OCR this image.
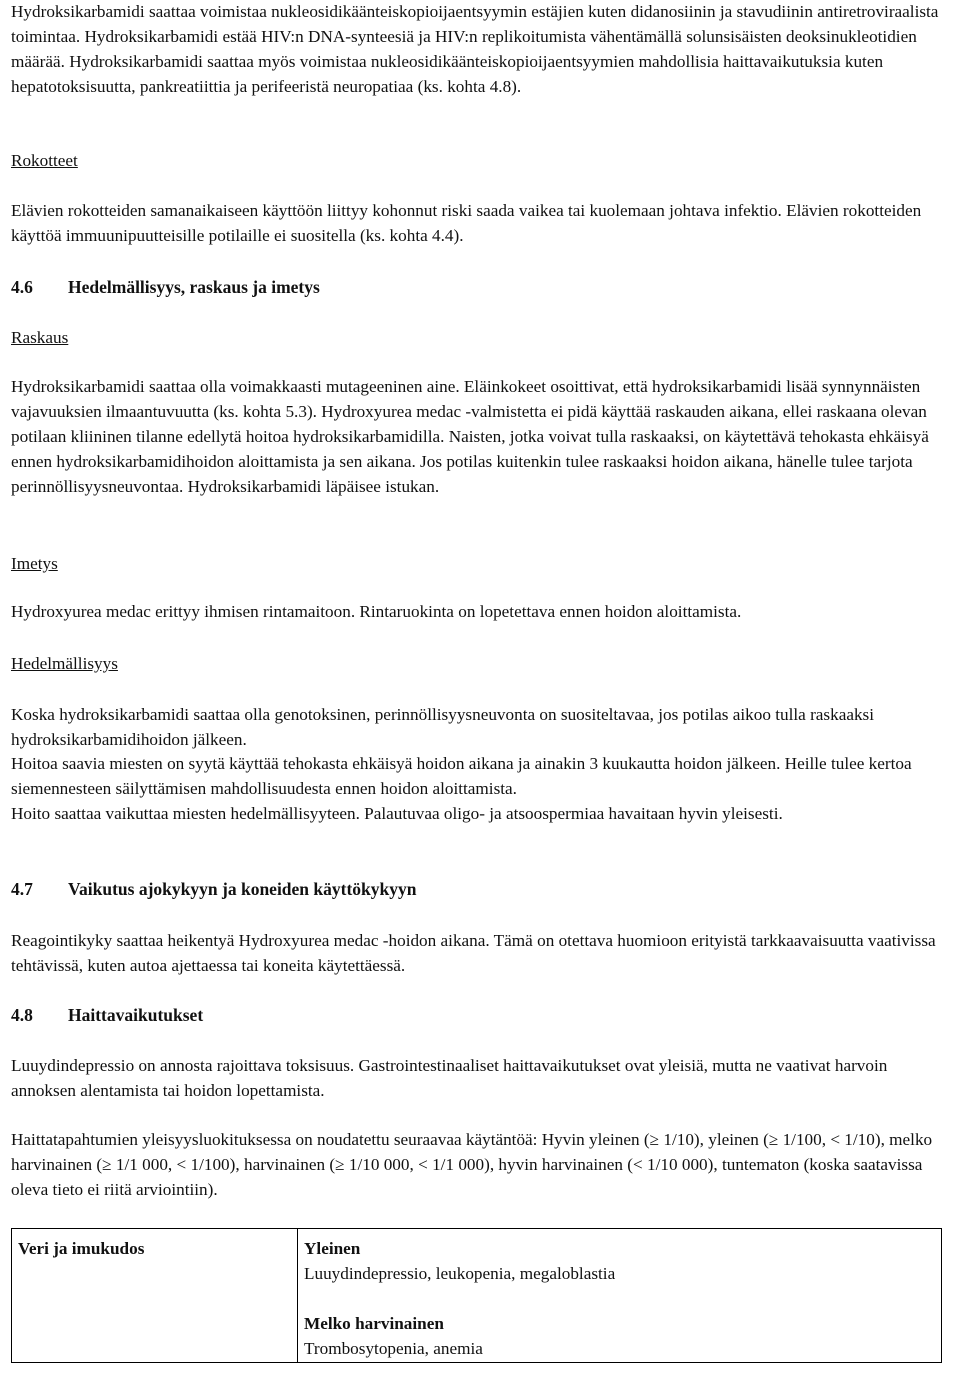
Hydroksikarbamidi saattaa voimistaa nukleosidikäänteiskopioijaentsyymin estäjien kuten didanosiinin ja stavudiinin antiretroviraalista toimintaa. Hydroksikarbamidi estää HIV:n DNA-synteesiä ja HIV:n replikoitumista vähentämällä solunsisäisten deoksinukleotidien määrää. Hydroksikarbamidi saattaa myös voimistaa nukleosidikäänteiskopioijaentsyymien mahdollisia haittavaikutuksia kuten hepatotoksisuutta, pankreatiittia ja perifeeristä neuropatiaa (ks. kohta 4.8).

Rokotteet

Elävien rokotteiden samanaikaiseen käyttöön liittyy kohonnut riski saada vaikea tai kuolemaan johtava infektio. Elävien rokotteiden käyttöä immuunipuutteisille potilaille ei suositella (ks. kohta 4.4).

4.6 Hedelmällisyys, raskaus ja imetys

Raskaus

Hydroksikarbamidi saattaa olla voimakkaasti mutageeninen aine. Eläinkokeet osoittivat, että hydroksikarbamidi lisää synnynnäisten vajavuuksien ilmaantuvuutta (ks. kohta 5.3). Hydroxyurea medac -valmistetta ei pidä käyttää raskauden aikana, ellei raskaana olevan potilaan kliininen tilanne edellytä hoitoa hydroksikarbamidilla. Naisten, jotka voivat tulla raskaaksi, on käytettävä tehokasta ehkäisyä ennen hydroksikarbamidihoidon aloittamista ja sen aikana. Jos potilas kuitenkin tulee raskaaksi hoidon aikana, hänelle tulee tarjota perinnöllisyysneuvontaa. Hydroksikarbamidi läpäisee istukan.

Imetys

Hydroxyurea medac erittyy ihmisen rintamaitoon. Rintaruokinta on lopetettava ennen hoidon aloittamista.

Hedelmällisyys

Koska hydroksikarbamidi saattaa olla genotoksinen, perinnöllisyysneuvonta on suositeltavaa, jos potilas aikoo tulla raskaaksi hydroksikarbamidihoidon jälkeen.

Hoitoa saavia miesten on syytä käyttää tehokasta ehkäisyä hoidon aikana ja ainakin 3 kuukautta hoidon jälkeen. Heille tulee kertoa siemennesteen säilyttämisen mahdollisuudesta ennen hoidon aloittamista.

Hoito saattaa vaikuttaa miesten hedelmällisyyteen. Palautuvaa oligo- ja atsoospermiaa havaitaan hyvin yleisesti.

4.7 Vaikutus ajokykyyn ja koneiden käyttökykyyn

Reagointikyky saattaa heikentyä Hydroxyurea medac -hoidon aikana. Tämä on otettava huomioon erityistä tarkkaavaisuutta vaativissa tehtävissä, kuten autoa ajettaessa tai koneita käytettäessä.

4.8 Haittavaikutukset

Luuydindepressio on annosta rajoittava toksisuus. Gastrointestinaaliset haittavaikutukset ovat yleisiä, mutta ne vaativat harvoin annoksen alentamista tai hoidon lopettamista.

Haittatapahtumien yleisyysluokituksessa on noudatettu seuraavaa käytäntöä: Hyvin yleinen (≥ 1/10), yleinen (≥ 1/100, < 1/10), melko harvinainen (≥ 1/1 000, < 1/100), harvinainen (≥ 1/10 000, < 1/1 000), hyvin harvinainen (< 1/10 000), tuntematon (koska saatavissa oleva tieto ei riitä arviointiin).

Veri ja imukudos	Yleinen
Luuydindepressio, leukopenia, megaloblastia
Melko harvinainen
Trombosytopenia, anemia
